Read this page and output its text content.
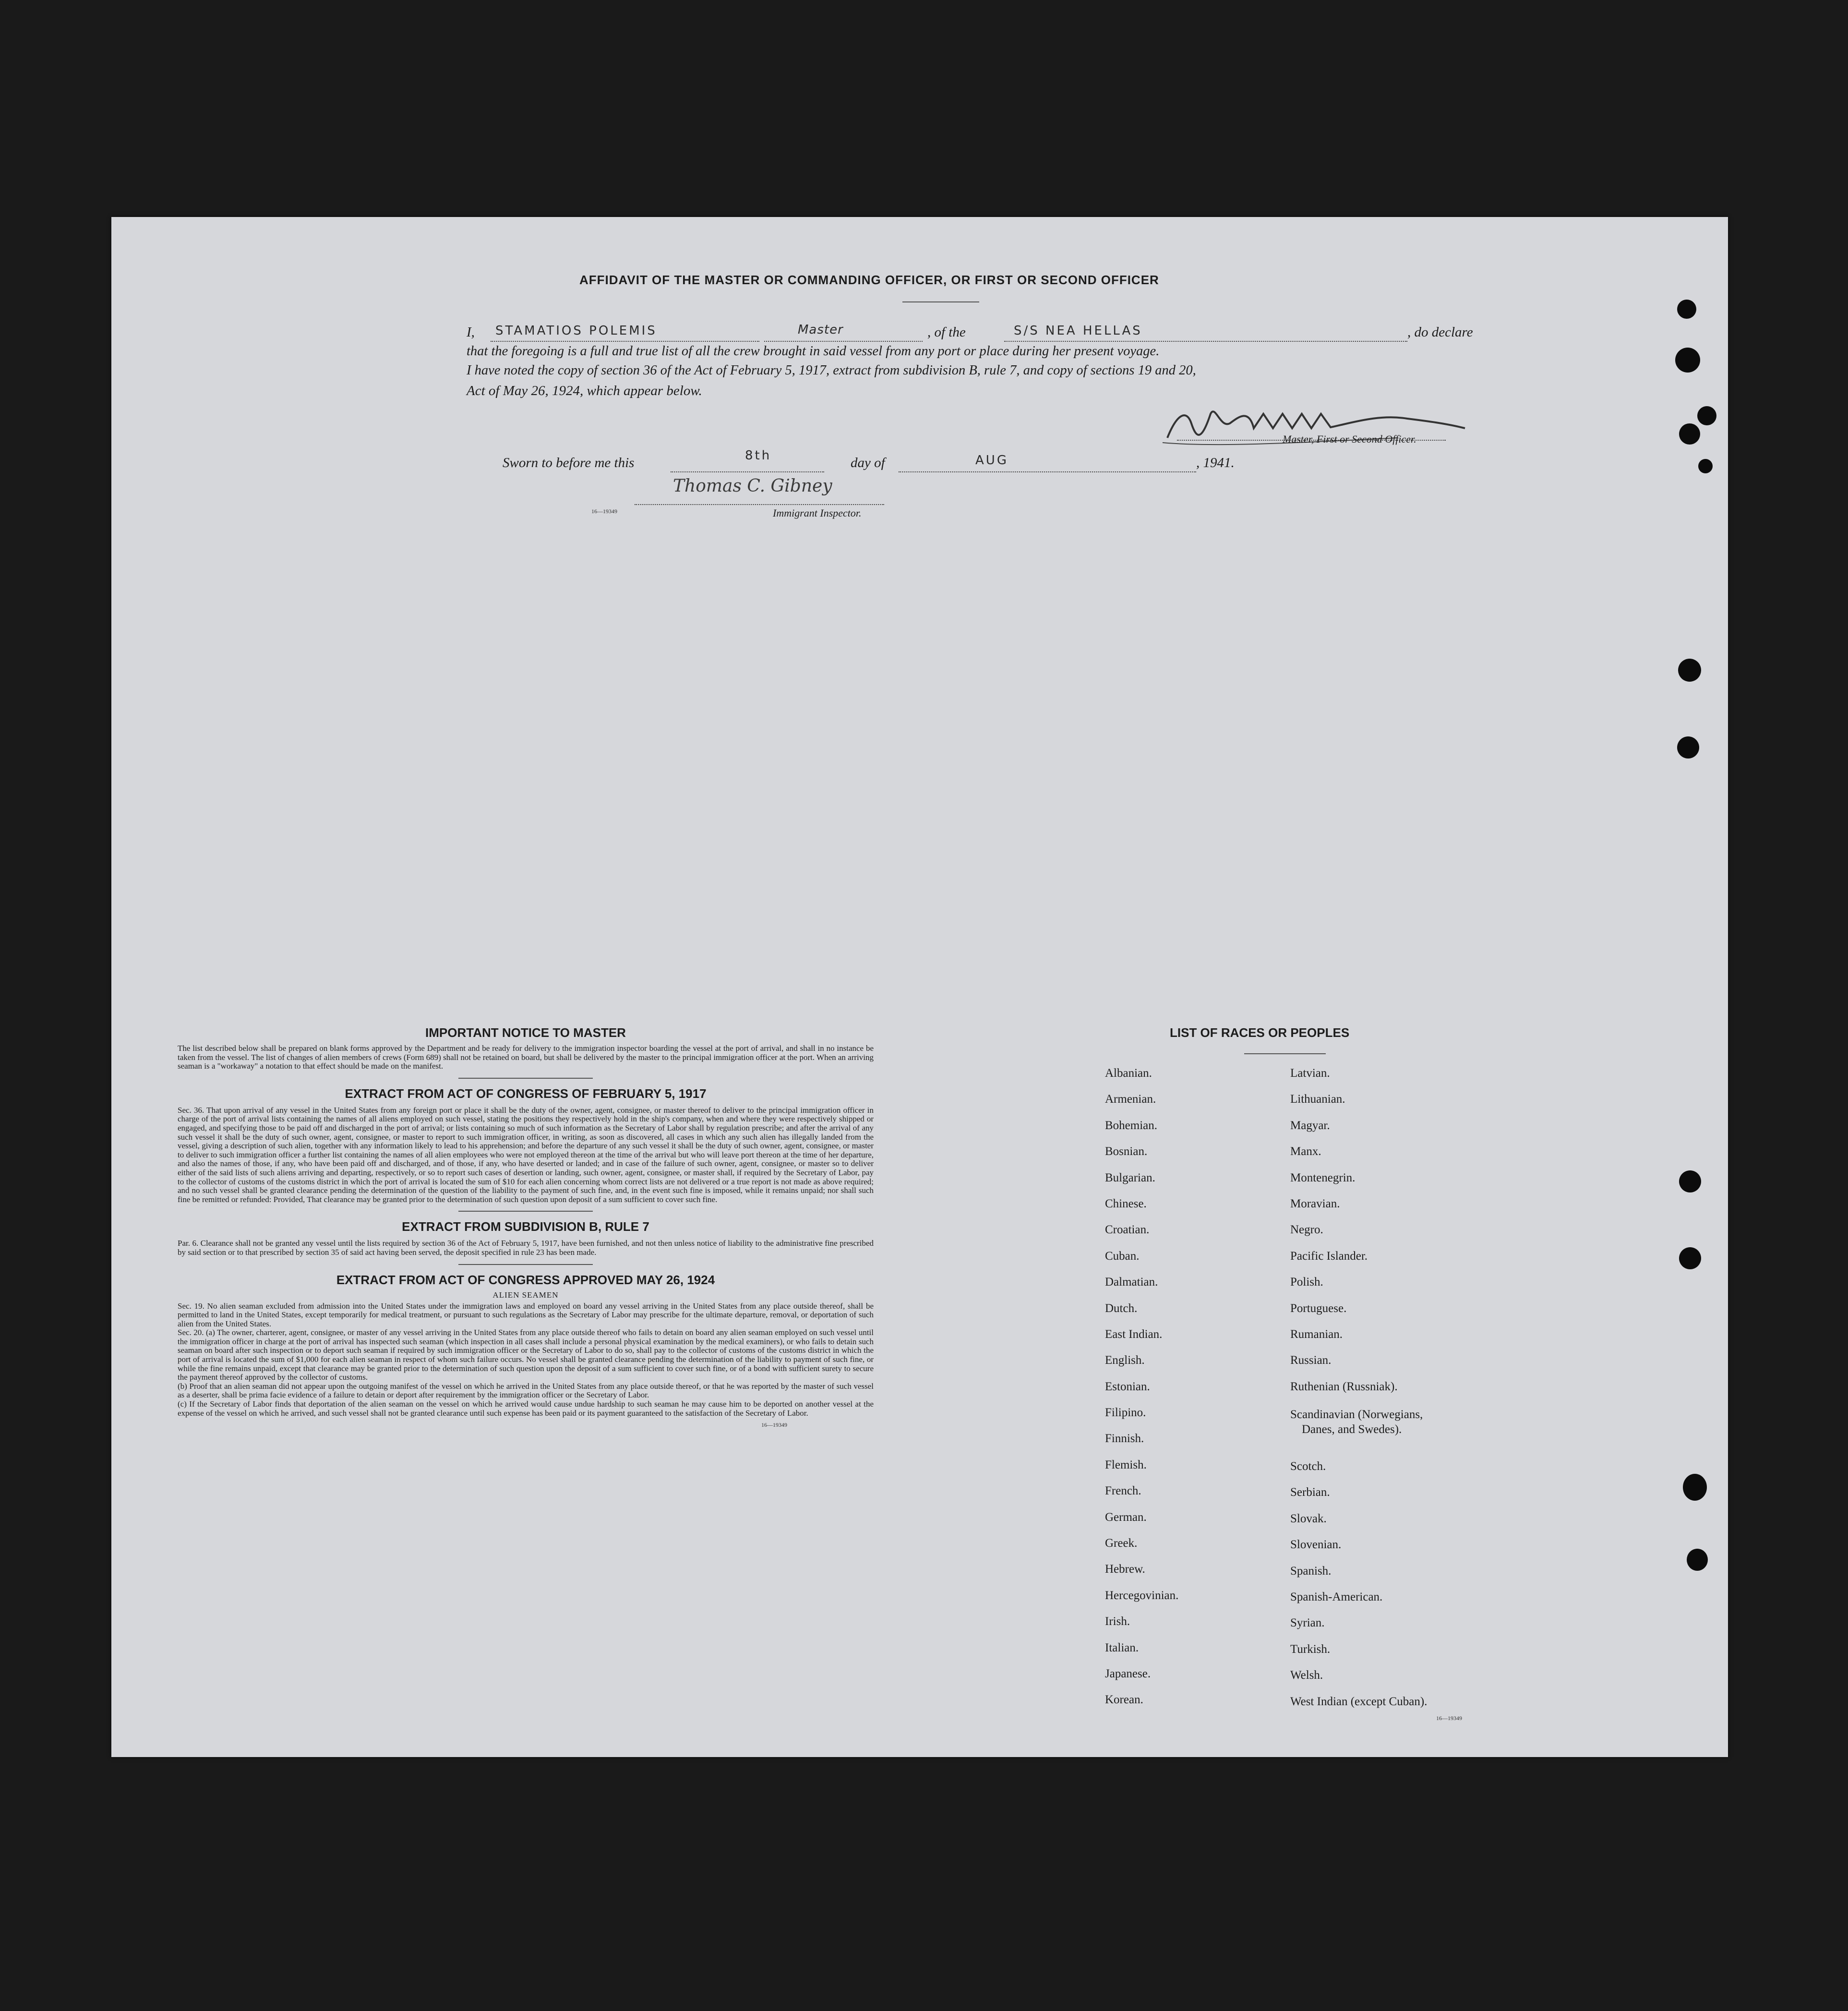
AFFIDAVIT OF THE MASTER OR COMMANDING OFFICER, OR FIRST OR SECOND OFFICER
I, STAMATIOS POLEMIS	Master	, of the	S/S NEA HELLAS	, do declare
that the foregoing is a full and true list of all the crew brought in said vessel from any port or place during her present voyage.
I have noted the copy of section 36 of the Act of February 5, 1917, extract from subdivision B, rule 7, and copy of sections 19 and 20,
Act of May 26, 1924, which appear below.
Master, First or Second Officer.
Sworn to before me this	8th	day of	AUG	, 1941.
Thomas C. Gibney
Immigrant Inspector.
16—19349
IMPORTANT NOTICE TO MASTER
The list described below shall be prepared on blank forms approved by the Department and be ready for delivery to the immigration inspector boarding the vessel at the port of arrival, and shall in no instance be taken from the vessel. The list of changes of alien members of crews (Form 689) shall not be retained on board, but shall be delivered by the master to the principal immigration officer at the port. When an arriving seaman is a "workaway" a notation to that effect should be made on the manifest.
EXTRACT FROM ACT OF CONGRESS OF FEBRUARY 5, 1917
Sec. 36. That upon arrival of any vessel in the United States from any foreign port or place it shall be the duty of the owner, agent, consignee, or master thereof to deliver to the principal immigration officer in charge of the port of arrival lists containing the names of all aliens employed on such vessel, stating the positions they respectively hold in the ship's company, when and where they were respectively shipped or engaged, and specifying those to be paid off and discharged in the port of arrival; or lists containing so much of such information as the Secretary of Labor shall by regulation prescribe; and after the arrival of any such vessel it shall be the duty of such owner, agent, consignee, or master to report to such immigration officer, in writing, as soon as discovered, all cases in which any such alien has illegally landed from the vessel, giving a description of such alien, together with any information likely to lead to his apprehension; and before the departure of any such vessel it shall be the duty of such owner, agent, consignee, or master to deliver to such immigration officer a further list containing the names of all alien employees who were not employed thereon at the time of the arrival but who will leave port thereon at the time of her departure, and also the names of those, if any, who have been paid off and discharged, and of those, if any, who have deserted or landed; and in case of the failure of such owner, agent, consignee, or master so to deliver either of the said lists of such aliens arriving and departing, respectively, or so to report such cases of desertion or landing, such owner, agent, consignee, or master shall, if required by the Secretary of Labor, pay to the collector of customs of the customs district in which the port of arrival is located the sum of $10 for each alien concerning whom correct lists are not delivered or a true report is not made as above required; and no such vessel shall be granted clearance pending the determination of the question of the liability to the payment of such fine, and, in the event such fine is imposed, while it remains unpaid; nor shall such fine be remitted or refunded: Provided, That clearance may be granted prior to the determination of such question upon deposit of a sum sufficient to cover such fine.
EXTRACT FROM SUBDIVISION B, RULE 7
Par. 6. Clearance shall not be granted any vessel until the lists required by section 36 of the Act of February 5, 1917, have been furnished, and not then unless notice of liability to the administrative fine prescribed by said section or to that prescribed by section 35 of said act having been served, the deposit specified in rule 23 has been made.
EXTRACT FROM ACT OF CONGRESS APPROVED MAY 26, 1924
ALIEN SEAMEN
Sec. 19. No alien seaman excluded from admission into the United States under the immigration laws and employed on board any vessel arriving in the United States from any place outside thereof, shall be permitted to land in the United States, except temporarily for medical treatment, or pursuant to such regulations as the Secretary of Labor may prescribe for the ultimate departure, removal, or deportation of such alien from the United States.
Sec. 20. (a) The owner, charterer, agent, consignee, or master of any vessel arriving in the United States from any place outside thereof who fails to detain on board any alien seaman employed on such vessel until the immigration officer in charge at the port of arrival has inspected such seaman (which inspection in all cases shall include a personal physical examination by the medical examiners), or who fails to detain such seaman on board after such inspection or to deport such seaman if required by such immigration officer or the Secretary of Labor to do so, shall pay to the collector of customs of the customs district in which the port of arrival is located the sum of $1,000 for each alien seaman in respect of whom such failure occurs. No vessel shall be granted clearance pending the determination of the liability to payment of such fine, or while the fine remains unpaid, except that clearance may be granted prior to the determination of such question upon the deposit of a sum sufficient to cover such fine, or of a bond with sufficient surety to secure the payment thereof approved by the collector of customs.
(b) Proof that an alien seaman did not appear upon the outgoing manifest of the vessel on which he arrived in the United States from any place outside thereof, or that he was reported by the master of such vessel as a deserter, shall be prima facie evidence of a failure to detain or deport after requirement by the immigration officer or the Secretary of Labor.
(c) If the Secretary of Labor finds that deportation of the alien seaman on the vessel on which he arrived would cause undue hardship to such seaman he may cause him to be deported on another vessel at the expense of the vessel on which he arrived, and such vessel shall not be granted clearance until such expense has been paid or its payment guaranteed to the satisfaction of the Secretary of Labor.
16—19349
LIST OF RACES OR PEOPLES
Albanian.
Armenian.
Bohemian.
Bosnian.
Bulgarian.
Chinese.
Croatian.
Cuban.
Dalmatian.
Dutch.
East Indian.
English.
Estonian.
Filipino.
Finnish.
Flemish.
French.
German.
Greek.
Hebrew.
Hercegovinian.
Irish.
Italian.
Japanese.
Korean.
Latvian.
Lithuanian.
Magyar.
Manx.
Montenegrin.
Moravian.
Negro.
Pacific Islander.
Polish.
Portuguese.
Rumanian.
Russian.
Ruthenian (Russniak).
Scandinavian (Norwegians,
Danes, and Swedes).
Scotch.
Serbian.
Slovak.
Slovenian.
Spanish.
Spanish-American.
Syrian.
Turkish.
Welsh.
West Indian (except Cuban).
16—19349
